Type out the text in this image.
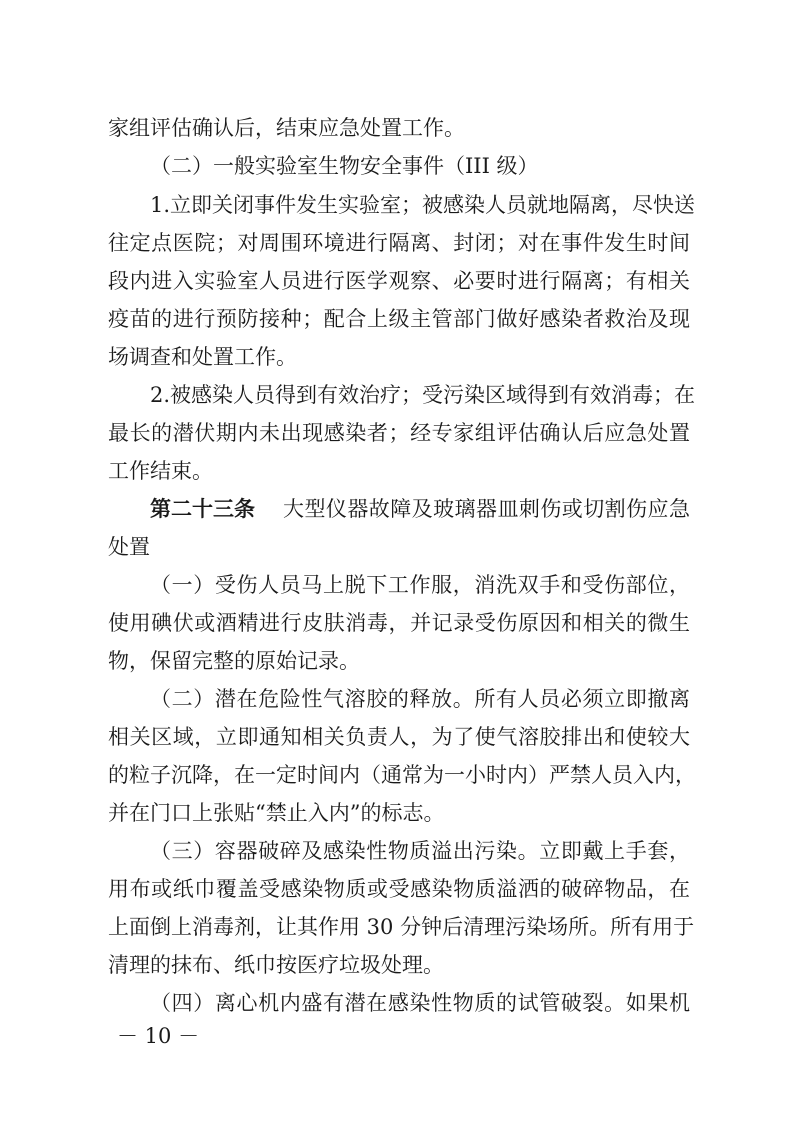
家组评估确认后，结束应急处置工作。
（二）一般实验室生物安全事件（III 级）
1.立即关闭事件发生实验室；被感染人员就地隔离，尽快送
往定点医院；对周围环境进行隔离、封闭；对在事件发生时间
段内进入实验室人员进行医学观察、必要时进行隔离；有相关
疫苗的进行预防接种；配合上级主管部门做好感染者救治及现
场调查和处置工作。
2.被感染人员得到有效治疗；受污染区域得到有效消毒；在
最长的潜伏期内未出现感染者；经专家组评估确认后应急处置
工作结束。
第二十三条 大型仪器故障及玻璃器皿刺伤或切割伤应急
处置
（一）受伤人员马上脱下工作服，消洗双手和受伤部位，
使用碘伏或酒精进行皮肤消毒，并记录受伤原因和相关的微生
物，保留完整的原始记录。
（二）潜在危险性气溶胶的释放。所有人员必须立即撤离
相关区域，立即通知相关负责人，为了使气溶胶排出和使较大
的粒子沉降，在一定时间内（通常为一小时内）严禁人员入内，
并在门口上张贴“禁止入内”的标志。
（三）容器破碎及感染性物质溢出污染。立即戴上手套，
用布或纸巾覆盖受感染物质或受感染物质溢洒的破碎物品，在
上面倒上消毒剂，让其作用 30 分钟后清理污染场所。所有用于
清理的抹布、纸巾按医疗垃圾处理。
（四）离心机内盛有潜在感染性物质的试管破裂。如果机
－ 10 －
